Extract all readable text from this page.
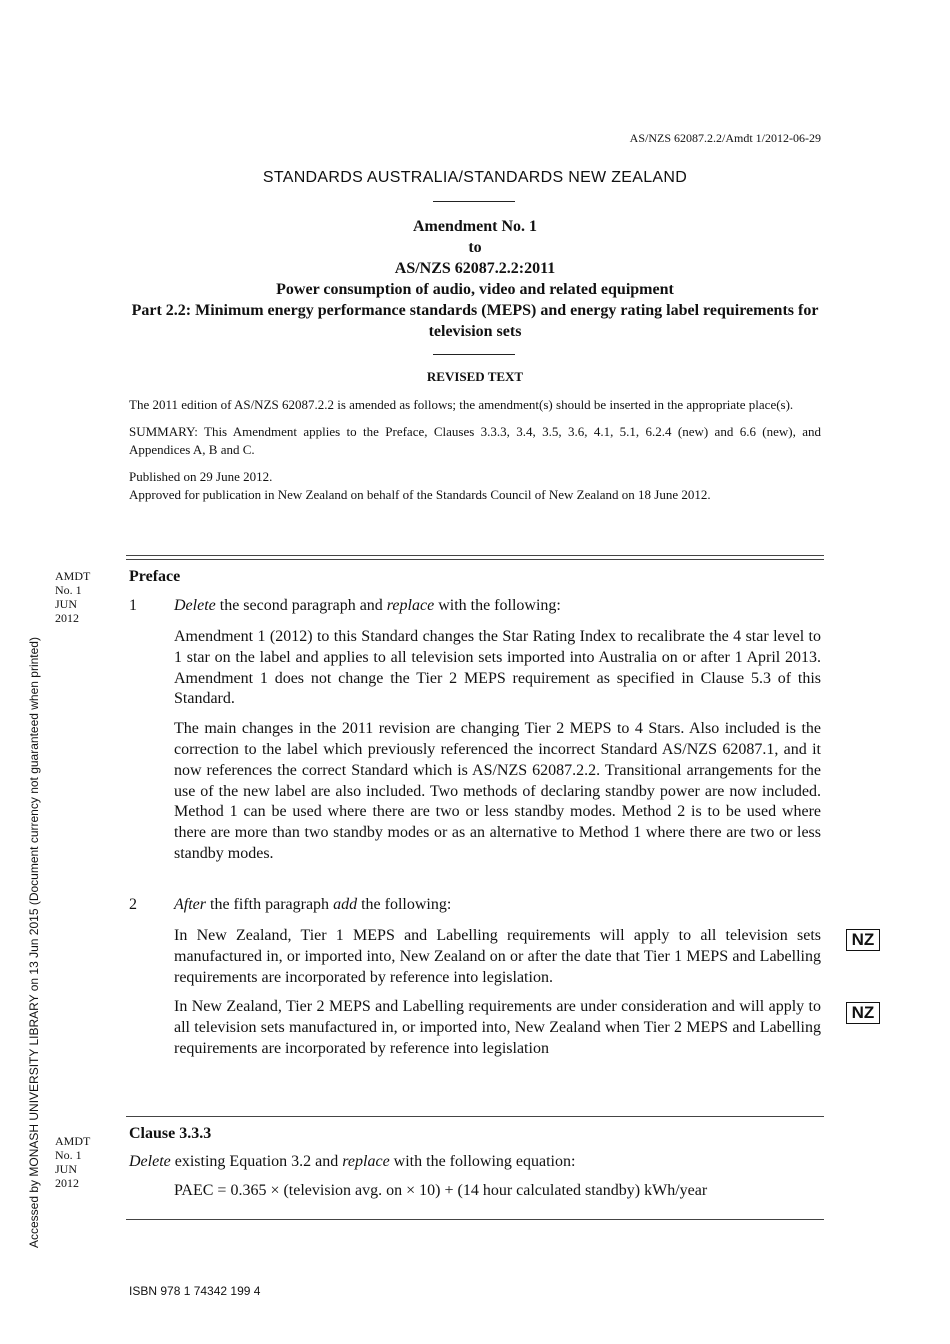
AS/NZS 62087.2.2/Amdt 1/2012-06-29
STANDARDS AUSTRALIA/STANDARDS NEW ZEALAND
Amendment No. 1
to
AS/NZS 62087.2.2:2011
Power consumption of audio, video and related equipment
Part 2.2: Minimum energy performance standards (MEPS) and energy rating label requirements for television sets
REVISED TEXT

The 2011 edition of AS/NZS 62087.2.2 is amended as follows; the amendment(s) should be inserted in the appropriate place(s).

SUMMARY: This Amendment applies to the Preface, Clauses 3.3.3, 3.4, 3.5, 3.6, 4.1, 5.1, 6.2.4 (new) and 6.6 (new), and Appendices A, B and C.

Published on 29 June 2012.

Approved for publication in New Zealand on behalf of the Standards Council of New Zealand on 18 June 2012.

AMDT
No. 1
JUN
2012
Preface
1 Delete the second paragraph and replace with the following:

Amendment 1 (2012) to this Standard changes the Star Rating Index to recalibrate the 4 star level to 1 star on the label and applies to all television sets imported into Australia on or after 1 April 2013. Amendment 1 does not change the Tier 2 MEPS requirement as specified in Clause 5.3 of this Standard.

The main changes in the 2011 revision are changing Tier 2 MEPS to 4 Stars. Also included is the correction to the label which previously referenced the incorrect Standard AS/NZS 62087.1, and it now references the correct Standard which is AS/NZS 62087.2.2. Transitional arrangements for the use of the new label are also included. Two methods of declaring standby power are now included. Method 1 can be used where there are two or less standby modes. Method 2 is to be used where there are more than two standby modes or as an alternative to Method 1 where there are two or less standby modes.

2 After the fifth paragraph add the following:
In New Zealand, Tier 1 MEPS and Labelling requirements will apply to all television sets manufactured in, or imported into, New Zealand on or after the date that Tier 1 MEPS and Labelling requirements are incorporated by reference into legislation.
In New Zealand, Tier 2 MEPS and Labelling requirements are under consideration and will apply to all television sets manufactured in, or imported into, New Zealand when Tier 2 MEPS and Labelling requirements are incorporated by reference into legislation
NZ
NZ
AMDT
No. 1
JUN
2012
Clause 3.3.3
Delete existing Equation 3.2 and replace with the following equation:
PAEC = 0.365 × (television avg. on × 10) + (14 hour calculated standby) kWh/year
Accessed by MONASH UNIVERSITY LIBRARY on 13 Jun 2015 (Document currency not guaranteed when printed)
ISBN 978 1 74342 199 4
